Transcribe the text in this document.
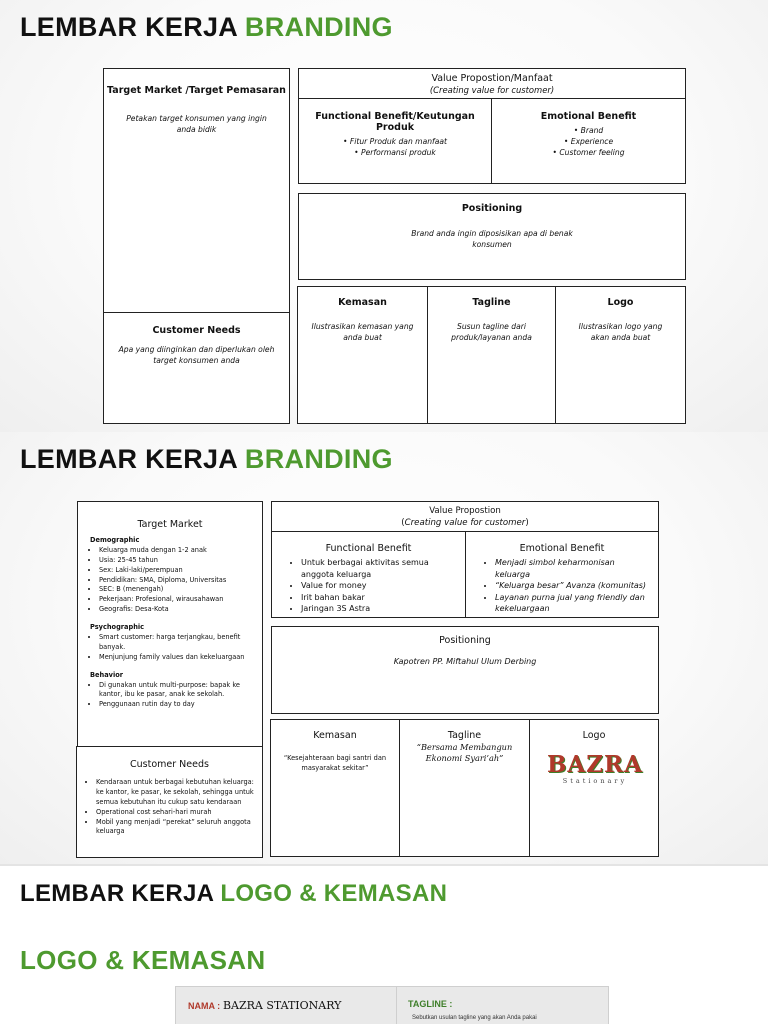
LEMBAR KERJA BRANDING
Target Market /Target Pemasaran
Petakan target konsumen yang ingin anda bidik
Customer Needs
Apa yang diinginkan dan diperlukan oleh target konsumen anda
Value Propostion/Manfaat
(Creating value for customer)
Functional Benefit/Keutungan Produk
• Fitur Produk dan manfaat
• Performansi produk
Emotional Benefit
• Brand
• Experience
• Customer feeling
Positioning
Brand anda ingin diposisikan apa di benak konsumen
Kemasan
Ilustrasikan kemasan yang anda buat
Tagline
Susun tagline dari produk/layanan anda
Logo
Ilustrasikan logo yang akan anda buat
LEMBAR KERJA BRANDING
Target Market
Demographic
• Keluarga muda dengan 1-2 anak
• Usia: 25-45 tahun
• Sex: Laki-laki/perempuan
• Pendidikan: SMA, Diploma, Universitas
• SEC: B (menengah)
• Pekerjaan: Profesional, wirausahawan
• Geografis: Desa-Kota
Psychographic
• Smart customer: harga terjangkau, benefit banyak.
• Menjunjung family values dan kekeluargaan
Behavior
• Di gunakan untuk multi-purpose: bapak ke kantor, ibu ke pasar, anak ke sekolah.
• Penggunaan rutin day to day
Customer Needs
• Kendaraan untuk berbagai kebutuhan keluarga: ke kantor, ke pasar, ke sekolah, sehingga untuk semua kebutuhan itu cukup satu kendaraan
• Operational cost sehari-hari murah
• Mobil yang menjadi “perekat” seluruh anggota keluarga
Value Propostion
(Creating value for customer)
Functional Benefit
• Untuk berbagai aktivitas semua anggota keluarga
• Value for money
• Irit bahan bakar
• Jaringan 3S Astra
Emotional Benefit
• Menjadi simbol keharmonisan keluarga
• “Keluarga besar” Avanza (komunitas)
• Layanan purna jual yang friendly dan kekeluargaan
Positioning
Kapotren PP. Miftahul Ulum Derbing
Kemasan
“Kesejahteraan bagi santri dan masyarakat sekitar”
Tagline
“Bersama Membangun Ekonomi Syari’ah”
Logo
BAZRA
Stationary
LEMBAR KERJA LOGO & KEMASAN
LOGO & KEMASAN
NAMA : BAZRA STATIONARY	TAGLINE :
Sebutkan usulan tagline yang akan Anda pakai
